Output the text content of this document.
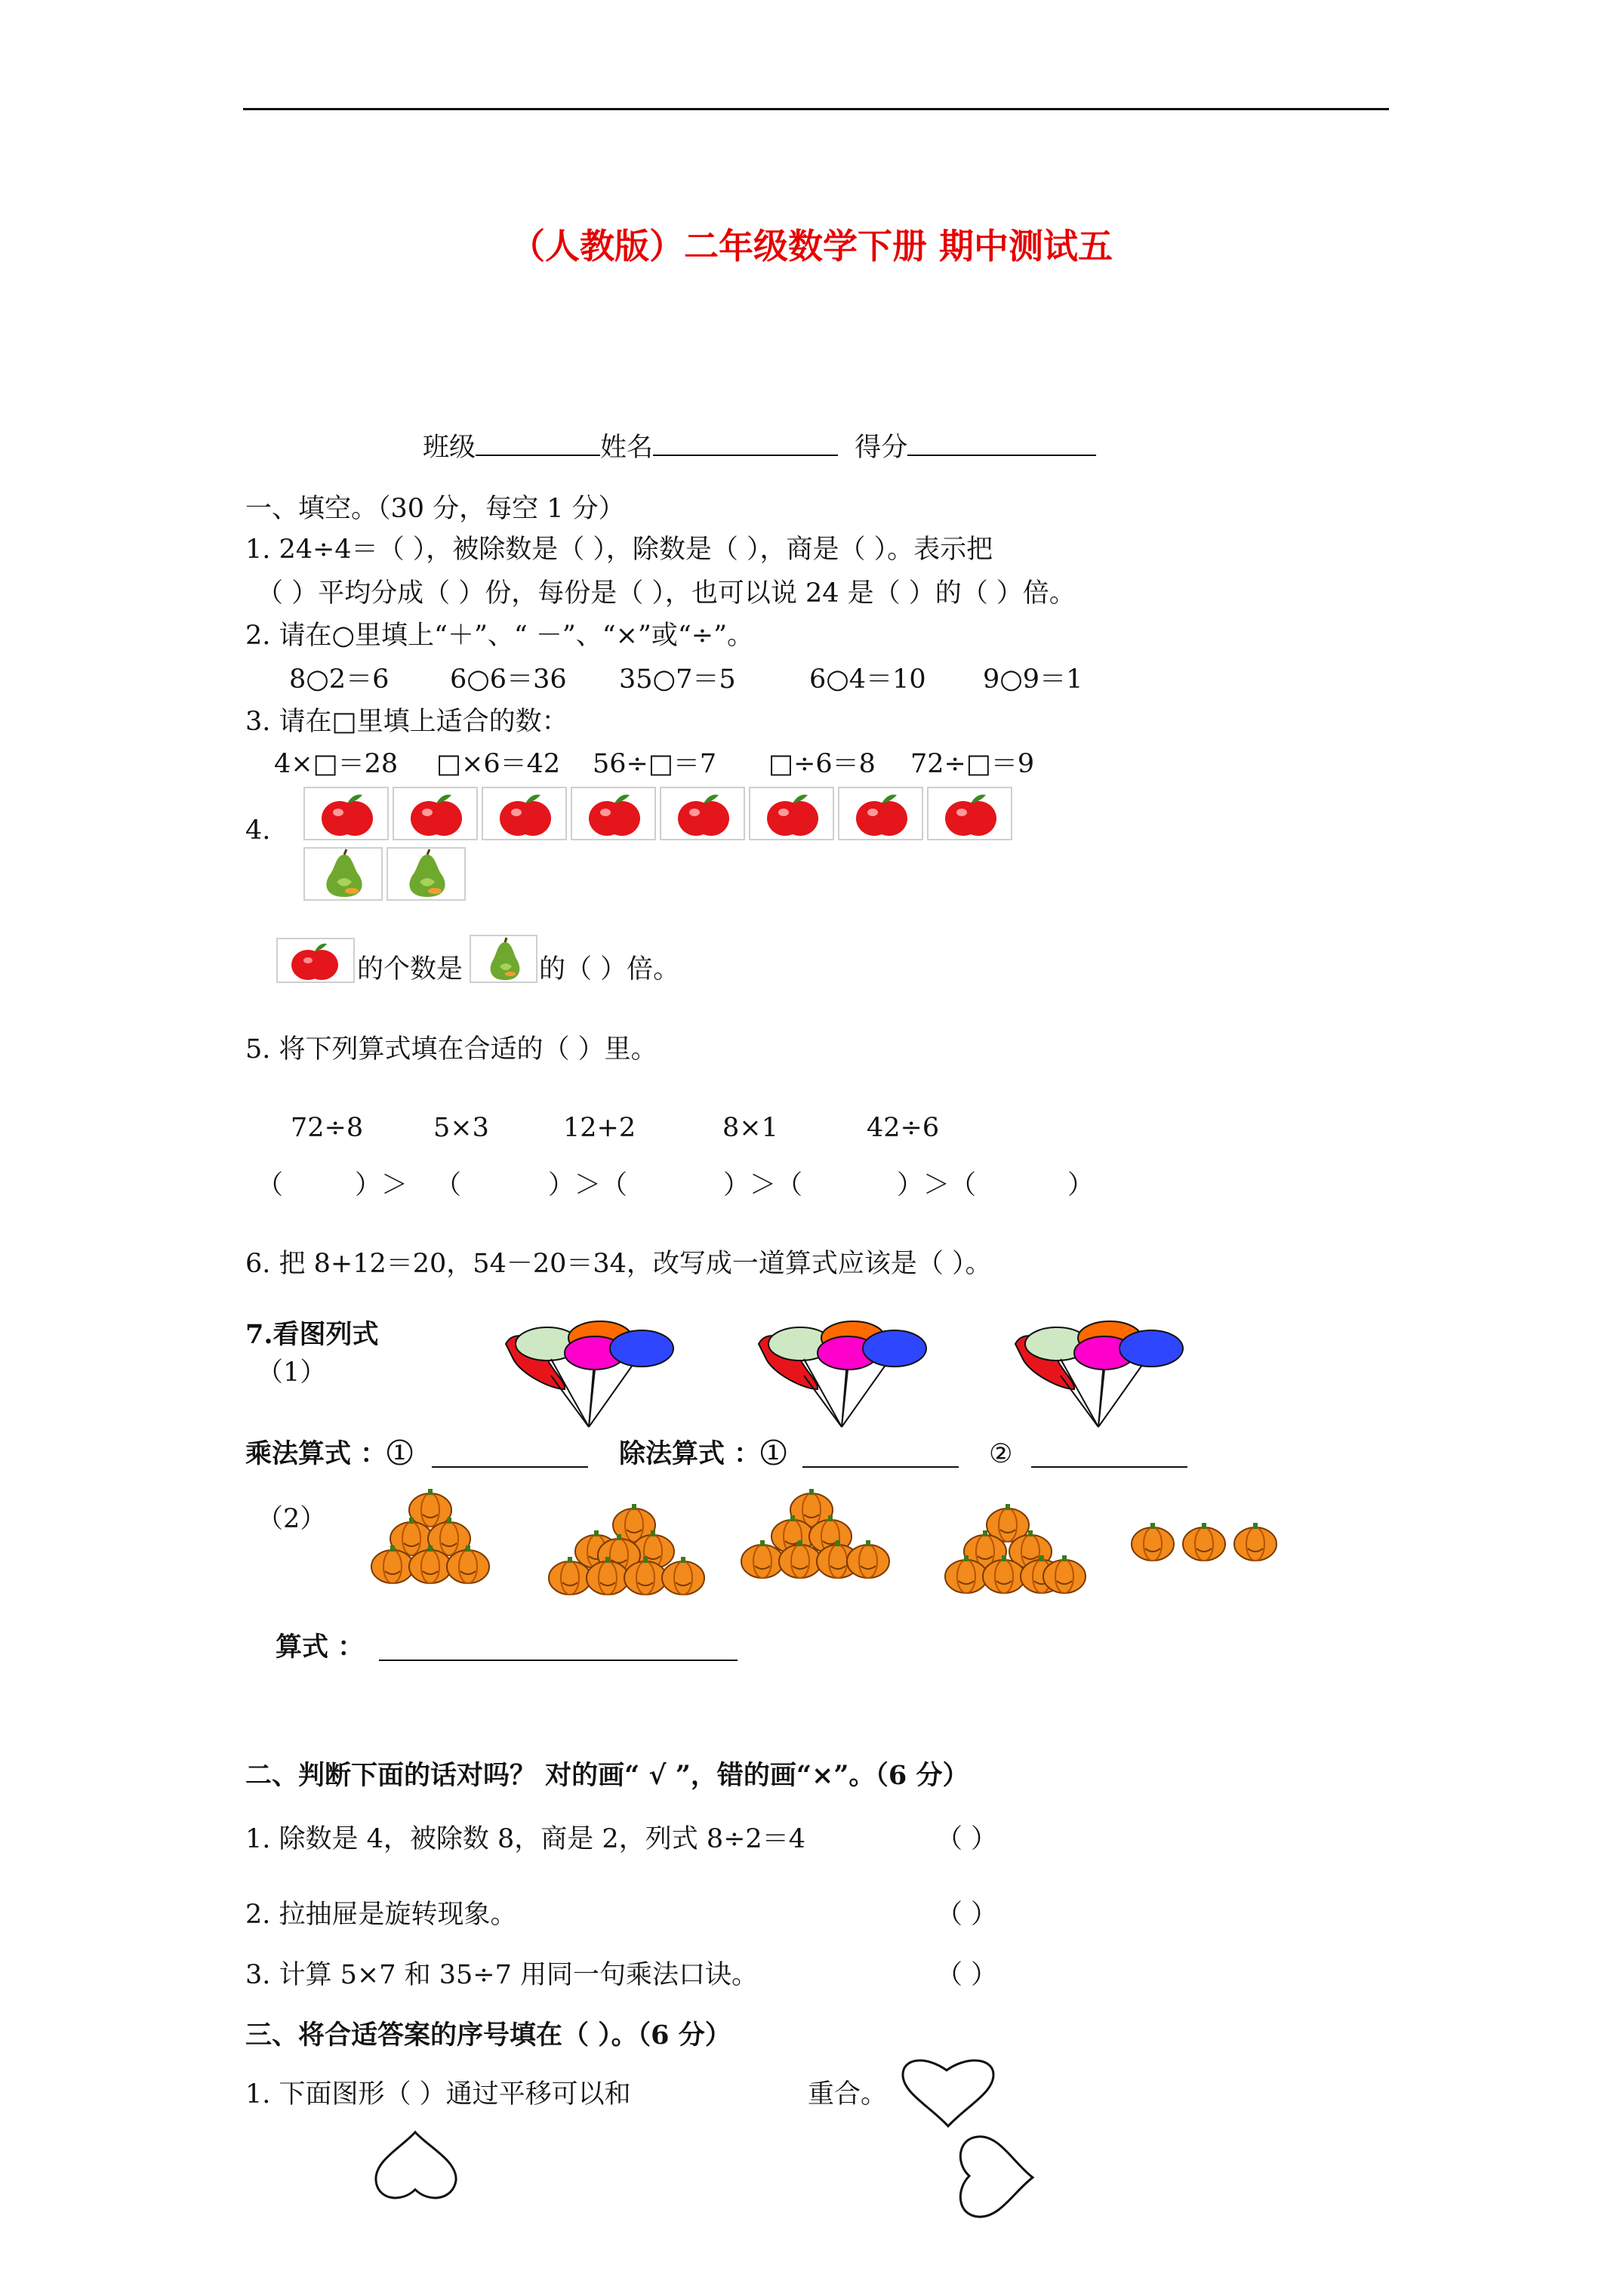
（人教版）二年级数学下册 期中测试五
班级	姓名	得分
一、填空。（30 分，每空 1 分）
1. 24÷4＝（ ），被除数是（ ），除数是（ ），商是（ ）。表示把
（ ）平均分成（ ）份，每份是（ ），也可以说 24 是（ ）的（ ）倍。
2. 请在○里填上“＋”、“ －”、“×”或“÷”。
8○2＝6 6○6＝36 35○7＝5	6○4＝10 9○9＝1
3. 请在□里填上适合的数：
4×□＝28 □×6＝42 56÷□＝7 □÷6＝8 72÷□＝9
4.
的个数是	的（ ）倍。
5. 将下列算式填在合适的（ ）里。
72÷8	5×3	12+2	8×1	42÷6
（	）＞ （	）＞（	）＞（	）＞（	）
6. 把 8+12＝20，54－20＝34，改写成一道算式应该是（ ）。
7.看图列式
（1）
乘法算式 ：①	除法算式 ：①	②
（2）
算式 ：
二、判断下面的话对吗？ 对的画“ √ ”，错的画“×”。（6 分）
1. 除数是 4，被除数 8，商是 2，列式 8÷2＝4	（ ）
2. 拉抽屉是旋转现象。	（ ）
3. 计算 5×7 和 35÷7 用同一句乘法口诀。	（ ）
三、将合适答案的序号填在（ ）。（6 分）
1. 下面图形（ ）通过平移可以和	重合。
